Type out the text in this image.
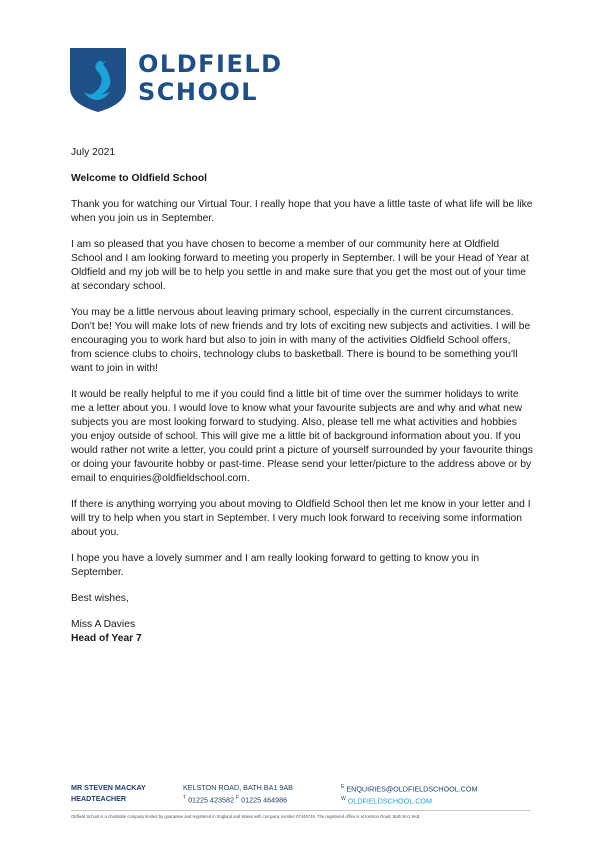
OLDFIELD
SCHOOL

July 2021

Welcome to Oldfield School

Thank you for watching our Virtual Tour. I really hope that you have a little taste of what life will be like when you join us in September.

I am so pleased that you have chosen to become a member of our community here at Oldfield School and I am looking forward to meeting you properly in September. I will be your Head of Year at Oldfield and my job will be to help you settle in and make sure that you get the most out of your time at secondary school.

You may be a little nervous about leaving primary school, especially in the current circumstances. Don't be! You will make lots of new friends and try lots of exciting new subjects and activities. I will be encouraging you to work hard but also to join in with many of the activities Oldfield School offers, from science clubs to choirs, technology clubs to basketball. There is bound to be something you'll want to join in with!

It would be really helpful to me if you could find a little bit of time over the summer holidays to write me a letter about you. I would love to know what your favourite subjects are and why and what new subjects you are most looking forward to studying. Also, please tell me what activities and hobbies you enjoy outside of school. This will give me a little bit of background information about you. If you would rather not write a letter, you could print a picture of yourself surrounded by your favourite things or doing your favourite hobby or past-time. Please send your letter/picture to the address above or by email to enquiries@oldfieldschool.com.

If there is anything worrying you about moving to Oldfield School then let me know in your letter and I will try to help when you start in September. I very much look forward to receiving some information about you.

I hope you have a lovely summer and I am really looking forward to getting to know you in September.

Best wishes,

Miss A Davies

Head of Year 7

MR STEVEN MACKAY
HEADTEACHER
KELSTON ROAD, BATH BA1 9AB
$^T$ 01225 423582 $^F$ 01225 464986
$^E$ ENQUIRIES@OLDFIELDSCHOOL.COM
$^W$ OLDFIELDSCHOOL.COM
Oldfield School is a charitable company limited by guarantee and registered in England and Wales with company number 07445745. The registered office is at Kelston Road, Bath BA1 9AB
